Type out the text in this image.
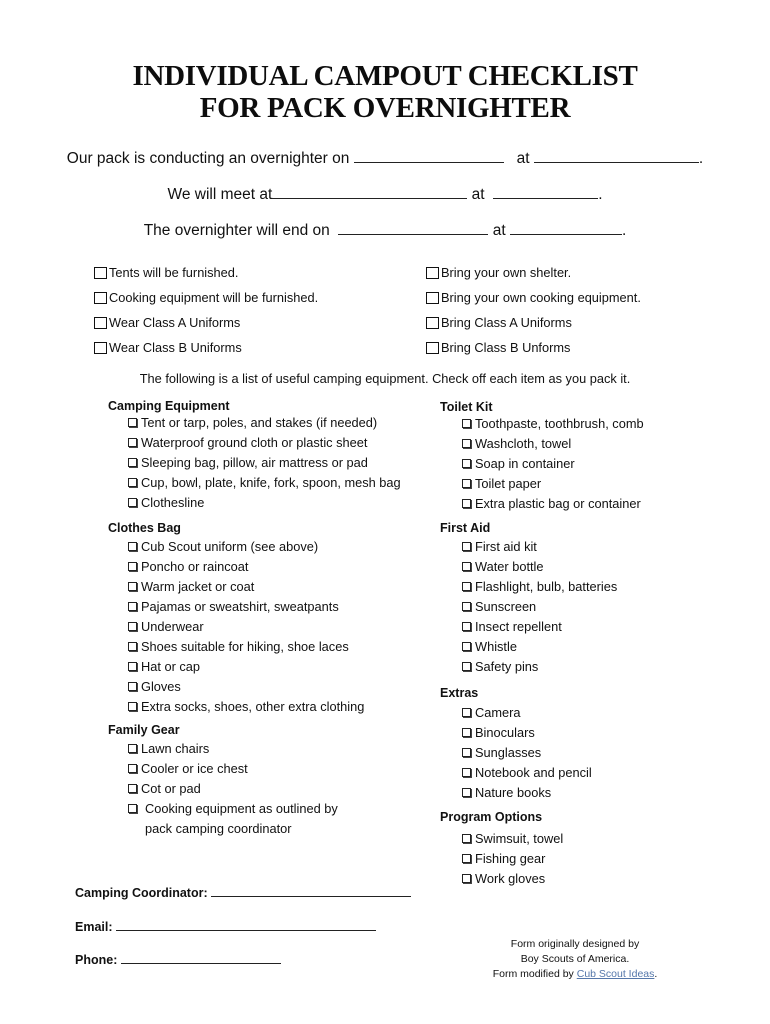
INDIVIDUAL CAMPOUT CHECKLIST
FOR PACK OVERNIGHTER
Our pack is conducting an overnighter on	at	.
We will meet at	at	.
The overnighter will end on	at	.
Tents will be furnished.
Cooking equipment will be furnished.
Wear Class A Uniforms
Wear Class B Uniforms
Bring your own shelter.
Bring your own cooking equipment.
Bring Class A Uniforms
Bring Class B Unforms
The following is a list of useful camping equipment. Check off each item as you pack it.
Camping Equipment
Tent or tarp, poles, and stakes (if needed)
Waterproof ground cloth or plastic sheet
Sleeping bag, pillow, air mattress or pad
Cup, bowl, plate, knife, fork, spoon, mesh bag
Clothesline
Clothes Bag
Cub Scout uniform (see above)
Poncho or raincoat
Warm jacket or coat
Pajamas or sweatshirt, sweatpants
Underwear
Shoes suitable for hiking, shoe laces
Hat or cap
Gloves
Extra socks, shoes, other extra clothing
Family Gear
Lawn chairs
Cooler or ice chest
Cot or pad
Cooking equipment as outlined by pack camping coordinator
Toilet Kit
Toothpaste, toothbrush, comb
Washcloth, towel
Soap in container
Toilet paper
Extra plastic bag or container
First Aid
First aid kit
Water bottle
Flashlight, bulb, batteries
Sunscreen
Insect repellent
Whistle
Safety pins
Extras
Camera
Binoculars
Sunglasses
Notebook and pencil
Nature books
Program Options
Swimsuit, towel
Fishing gear
Work gloves
Camping Coordinator:
Email:
Phone:
Form originally designed by
Boy Scouts of America.
Form modified by Cub Scout Ideas.
